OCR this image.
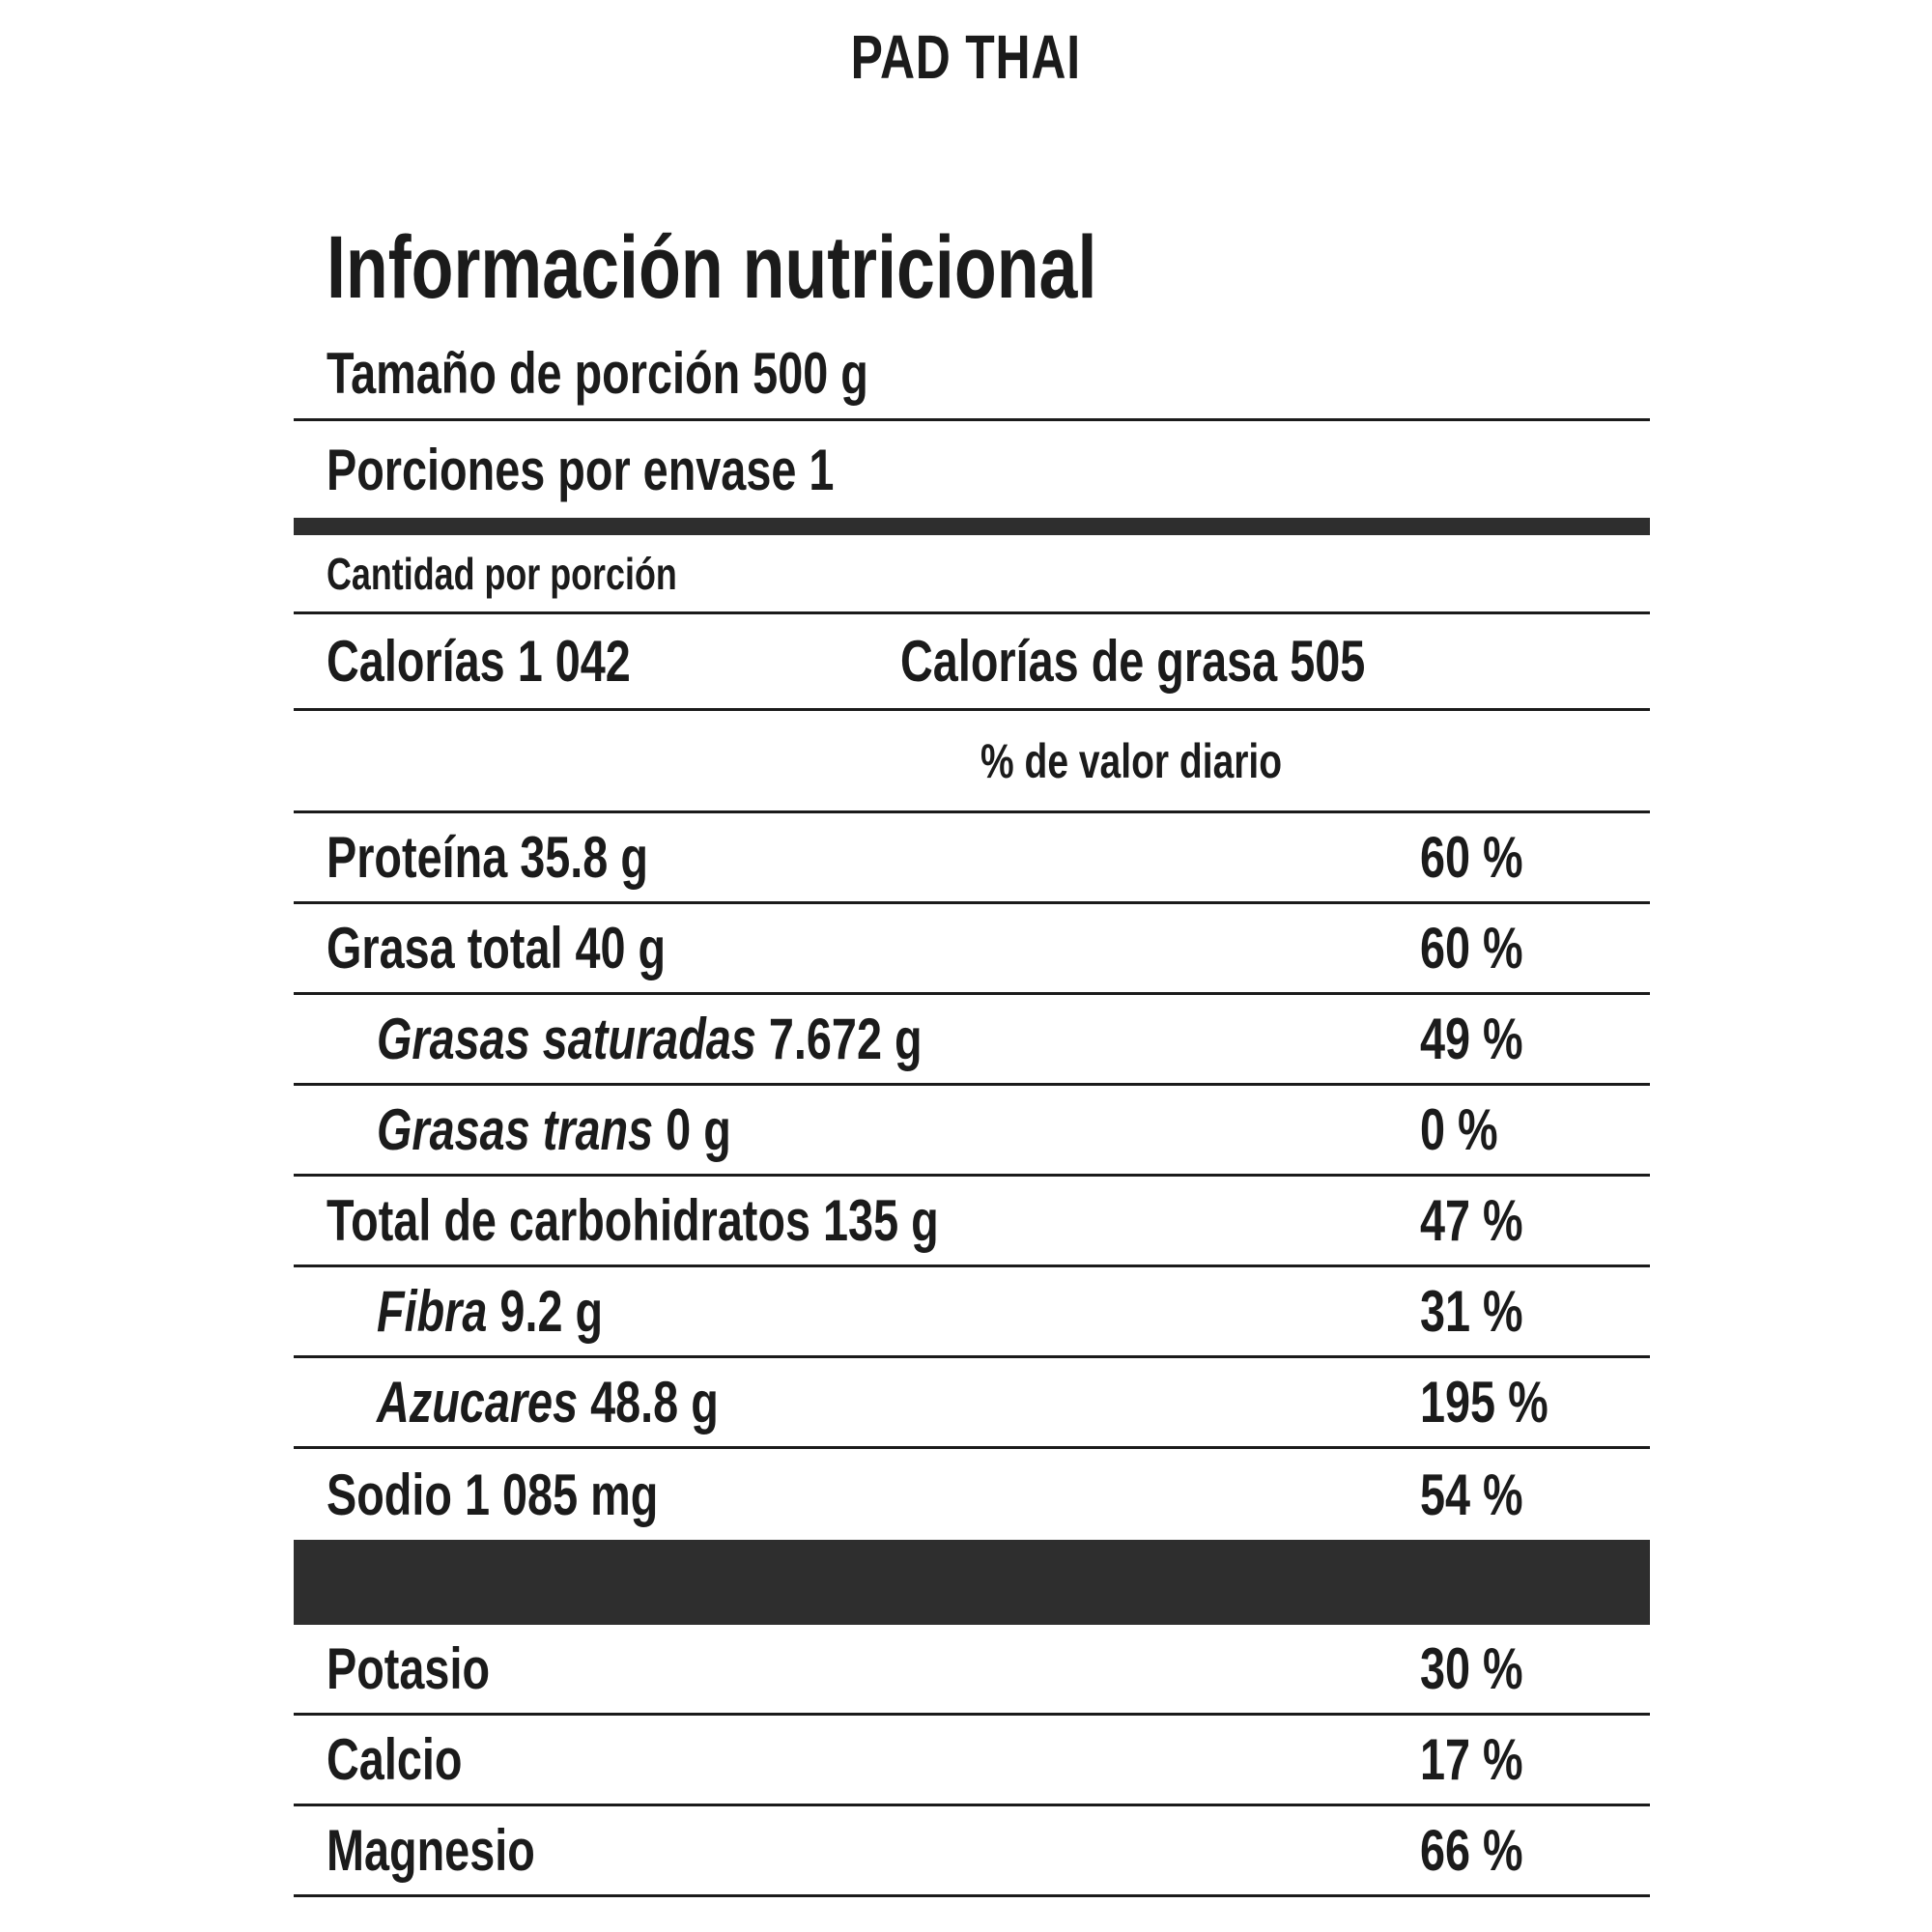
PAD THAI
Información nutricional
Tamaño de porción 500 g
Porciones por envase 1
Cantidad por porción
Calorías 1 042	Calorías de grasa 505
% de valor diario
Proteína 35.8 g	60 %
Grasa total 40 g	60 %
Grasas saturadas 7.672 g	49 %
Grasas trans 0 g	0 %
Total de carbohidratos 135 g	47 %
Fibra 9.2 g	31 %
Azucares 48.8 g	195 %
Sodio 1 085 mg	54 %
Potasio	30 %
Calcio	17 %
Magnesio	66 %
